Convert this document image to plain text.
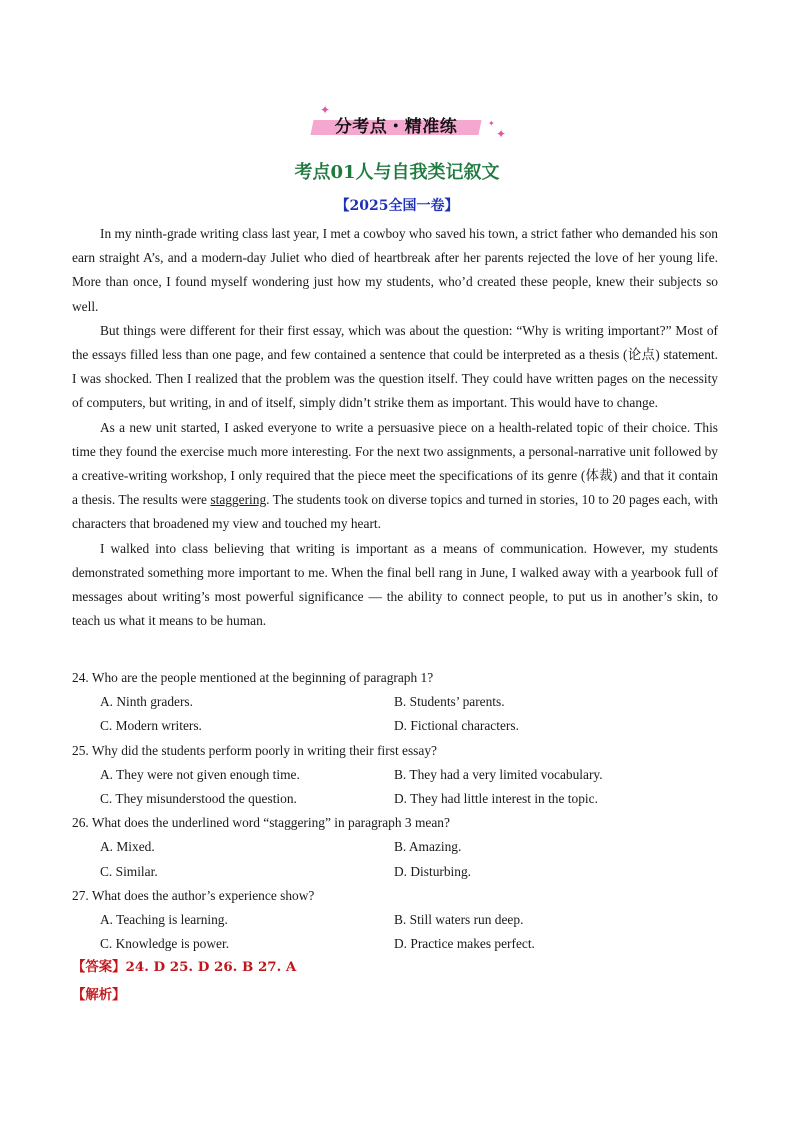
分考点・精准练
✦
✦
✦
考点01人与自我类记叙文
【2025全国一卷】

In my ninth-grade writing class last year, I met a cowboy who saved his town, a strict father who demanded his son earn straight A’s, and a modern-day Juliet who died of heartbreak after her parents rejected the love of her young life. More than once, I found myself wondering just how my students, who’d created these people, knew their subjects so well.

But things were different for their first essay, which was about the question: “Why is writing important?” Most of the essays filled less than one page, and few contained a sentence that could be interpreted as a thesis (论点) statement. I was shocked. Then I realized that the problem was the question itself. They could have written pages on the necessity of computers, but writing, in and of itself, simply didn’t strike them as important. This would have to change.

As a new unit started, I asked everyone to write a persuasive piece on a health-related topic of their choice. This time they found the exercise much more interesting. For the next two assignments, a personal-narrative unit followed by a creative-writing workshop, I only required that the piece meet the specifications of its genre (体裁) and that it contain a thesis. The results were staggering. The students took on diverse topics and turned in stories, 10 to 20 pages each, with characters that broadened my view and touched my heart.

I walked into class believing that writing is important as a means of communication. However, my students demonstrated something more important to me. When the final bell rang in June, I walked away with a yearbook full of messages about writing’s most powerful significance — the ability to connect people, to put us in another’s skin, to teach us what it means to be human.

24. Who are the people mentioned at the beginning of paragraph 1?
A. Ninth graders.	B. Students’ parents.
C. Modern writers.	D. Fictional characters.
25. Why did the students perform poorly in writing their first essay?
A. They were not given enough time.	B. They had a very limited vocabulary.
C. They misunderstood the question.	D. They had little interest in the topic.
26. What does the underlined word “staggering” in paragraph 3 mean?
A. Mixed.	B. Amazing.
C. Similar.	D. Disturbing.
27. What does the author’s experience show?
A. Teaching is learning.	B. Still waters run deep.
C. Knowledge is power.	D. Practice makes perfect.
【答案】24. D 25. D 26. B 27. A
【解析】
